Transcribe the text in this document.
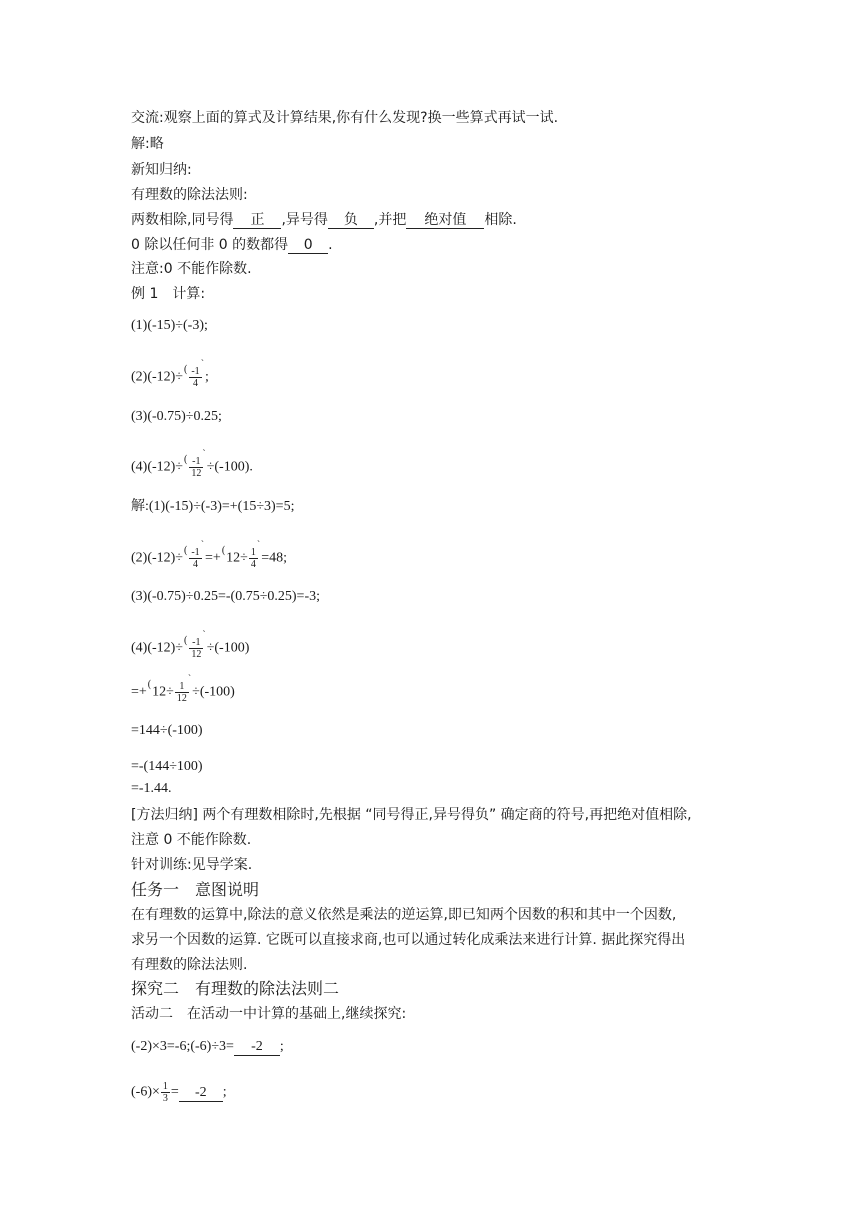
交流:观察上面的算式及计算结果,你有什么发现?换一些算式再试一试.
解:略
新知归纳:
有理数的除法法则:
两数相除,同号得 正 ,异号得 负 ,并把 绝对值 相除.
0 除以任何非 0 的数都得 0 .
注意:0 不能作除数.
例 1　计算:
(1)(-15)÷(-3);
$(2)(-12)\div( \frac{-1}{4}$
`;
(3)(-0.75)÷0.25;
$(4)(-12)\div( \frac{-1}{12}$
`÷(-100).
解:(1)(-15)÷(-3)=+(15÷3)=5;
$(2)(-12)\div( \frac{-1}{4}$
`=+(12÷ $\frac{1}{4}$
`=48;
(3)(-0.75)÷0.25=-(0.75÷0.25)=-3;
$(4)(-12)\div( \frac{-1}{12}$
`÷(-100)
$=+(12\div \frac{1}{12}$
`÷(-100)
=144÷(-100)
=-(144÷100)
=-1.44.
[方法归纳] 两个有理数相除时,先根据 “同号得正,异号得负” 确定商的符号,再把绝对值相除,
注意 0 不能作除数.
针对训练:见导学案.
任务一　意图说明
在有理数的运算中,除法的意义依然是乘法的逆运算,即已知两个因数的积和其中一个因数,
求另一个因数的运算. 它既可以直接求商,也可以通过转化成乘法来进行计算. 据此探究得出
有理数的除法法则.
探究二　有理数的除法法则二
活动二　在活动一中计算的基础上,继续探究:
(-2)×3=-6;(-6)÷3= -2 ;
$(-6)\times \frac{1}{3} = -2$ ;
